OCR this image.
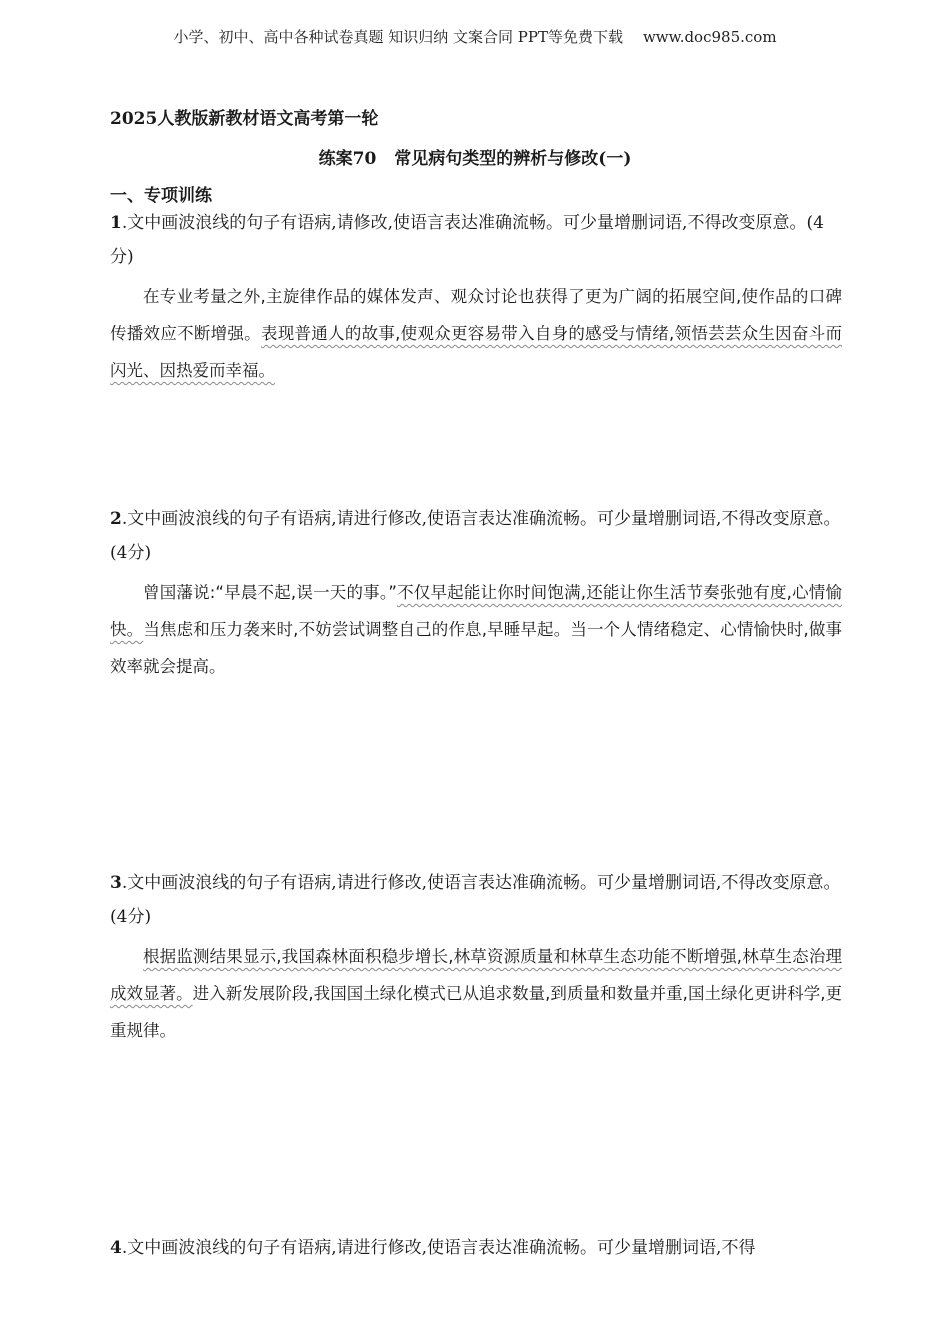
小学、初中、高中各种试卷真题 知识归纳 文案合同 PPT等免费下载 www.doc985.com
2025人教版新教材语文高考第一轮
练案70 常见病句类型的辨析与修改(一)
一、专项训练

1.文中画波浪线的句子有语病,请修改,使语言表达准确流畅。可少量增删词语,不得改变原意。(4分)

在专业考量之外,主旋律作品的媒体发声、观众讨论也获得了更为广阔的拓展空间,使作品的口碑传播效应不断增强。表现普通人的故事,使观众更容易带入自身的感受与情绪,领悟芸芸众生因奋斗而闪光、因热爱而幸福。

2.文中画波浪线的句子有语病,请进行修改,使语言表达准确流畅。可少量增删词语,不得改变原意。(4分)

曾国藩说:“早晨不起,误一天的事。”不仅早起能让你时间饱满,还能让你生活节奏张弛有度,心情愉快。当焦虑和压力袭来时,不妨尝试调整自己的作息,早睡早起。当一个人情绪稳定、心情愉快时,做事效率就会提高。

3.文中画波浪线的句子有语病,请进行修改,使语言表达准确流畅。可少量增删词语,不得改变原意。(4分)

根据监测结果显示,我国森林面积稳步增长,林草资源质量和林草生态功能不断增强,林草生态治理成效显著。进入新发展阶段,我国国土绿化模式已从追求数量,到质量和数量并重,国土绿化更讲科学,更重规律。

4.文中画波浪线的句子有语病,请进行修改,使语言表达准确流畅。可少量增删词语,不得
